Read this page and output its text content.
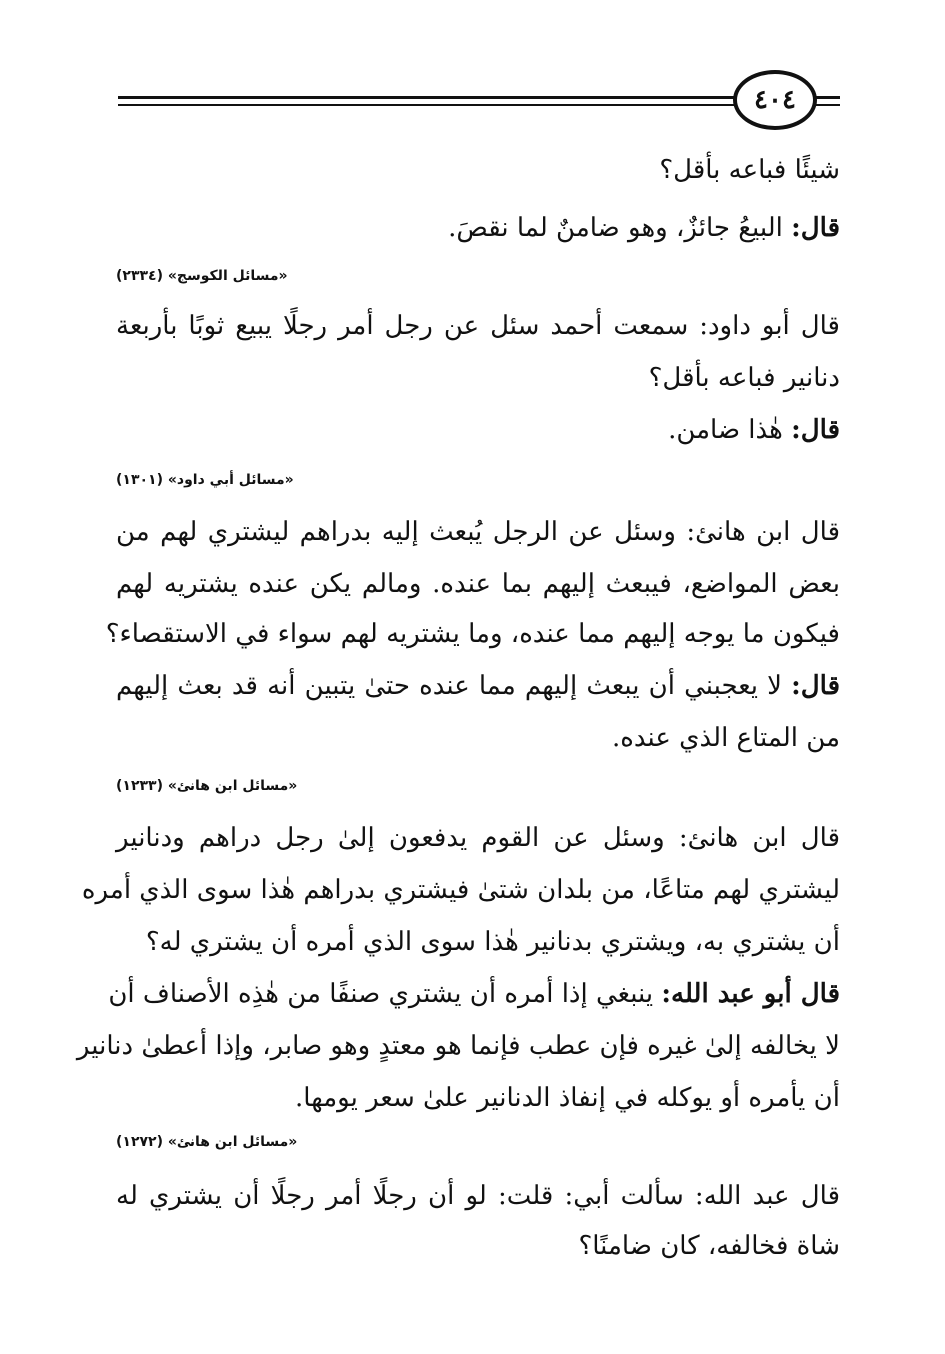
٤٠٤
شيئًا فباعه بأقل؟
قال: البيعُ جائزٌ، وهو ضامنٌ لما نقصَ.
«مسائل الكوسج» (٢٣٣٤)
قال أبو داود: سمعت أحمد سئل عن رجل أمر رجلًا يبيع ثوبًا بأربعة
دنانير فباعه بأقل؟
قال: هٰذا ضامن.
«مسائل أبي داود» (١٣٠١)
قال ابن هانئ: وسئل عن الرجل يُبعث إليه بدراهم ليشتري لهم من
بعض المواضع، فيبعث إليهم بما عنده. ومالم يكن عنده يشتريه لهم
فيكون ما يوجه إليهم مما عنده، وما يشتريه لهم سواء في الاستقصاء؟
قال: لا يعجبني أن يبعث إليهم مما عنده حتىٰ يتبين أنه قد بعث إليهم
من المتاع الذي عنده.
«مسائل ابن هانئ» (١٢٣٣)
قال ابن هانئ: وسئل عن القوم يدفعون إلىٰ رجل دراهم ودنانير
ليشتري لهم متاعًا، من بلدان شتىٰ فيشتري بدراهم هٰذا سوى الذي أمره
أن يشتري به، ويشتري بدنانير هٰذا سوى الذي أمره أن يشتري له؟
قال أبو عبد الله: ينبغي إذا أمره أن يشتري صنفًا من هٰذِه الأصناف أن
لا يخالفه إلىٰ غيره فإن عطب فإنما هو معتدٍ وهو صابر، وإذا أعطىٰ دنانير
أن يأمره أو يوكله في إنفاذ الدنانير علىٰ سعر يومها.
«مسائل ابن هانئ» (١٢٧٢)
قال عبد الله: سألت أبي: قلت: لو أن رجلًا أمر رجلًا أن يشتري له
شاة فخالفه، كان ضامنًا؟
